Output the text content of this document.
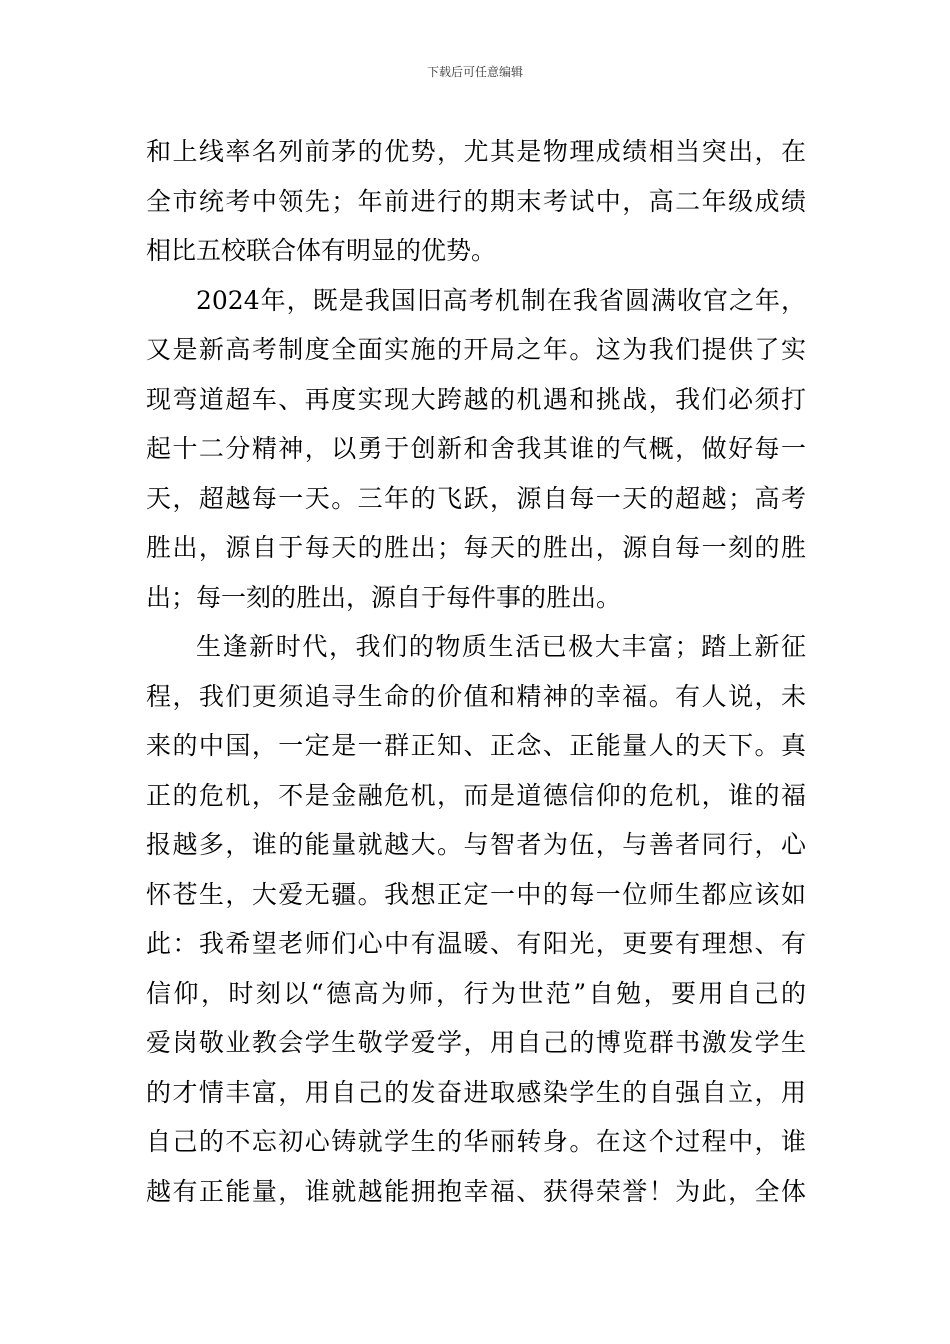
下载后可任意编辑
和上线率名列前茅的优势，尤其是物理成绩相当突出，在
全市统考中领先；年前进行的期末考试中，高二年级成绩
相比五校联合体有明显的优势。
2024年，既是我国旧高考机制在我省圆满收官之年，
又是新高考制度全面实施的开局之年。这为我们提供了实
现弯道超车、再度实现大跨越的机遇和挑战，我们必须打
起十二分精神，以勇于创新和舍我其谁的气概，做好每一
天，超越每一天。三年的飞跃，源自每一天的超越；高考
胜出，源自于每天的胜出；每天的胜出，源自每一刻的胜
出；每一刻的胜出，源自于每件事的胜出。
生逢新时代，我们的物质生活已极大丰富；踏上新征
程，我们更须追寻生命的价值和精神的幸福。有人说，未
来的中国，一定是一群正知、正念、正能量人的天下。真
正的危机，不是金融危机，而是道德信仰的危机，谁的福
报越多，谁的能量就越大。与智者为伍，与善者同行，心
怀苍生，大爱无疆。我想正定一中的每一位师生都应该如
此：我希望老师们心中有温暖、有阳光，更要有理想、有
信仰，时刻以“德高为师，行为世范”自勉，要用自己的
爱岗敬业教会学生敬学爱学，用自己的博览群书激发学生
的才情丰富，用自己的发奋进取感染学生的自强自立，用
自己的不忘初心铸就学生的华丽转身。在这个过程中，谁
越有正能量，谁就越能拥抱幸福、获得荣誉！为此，全体
